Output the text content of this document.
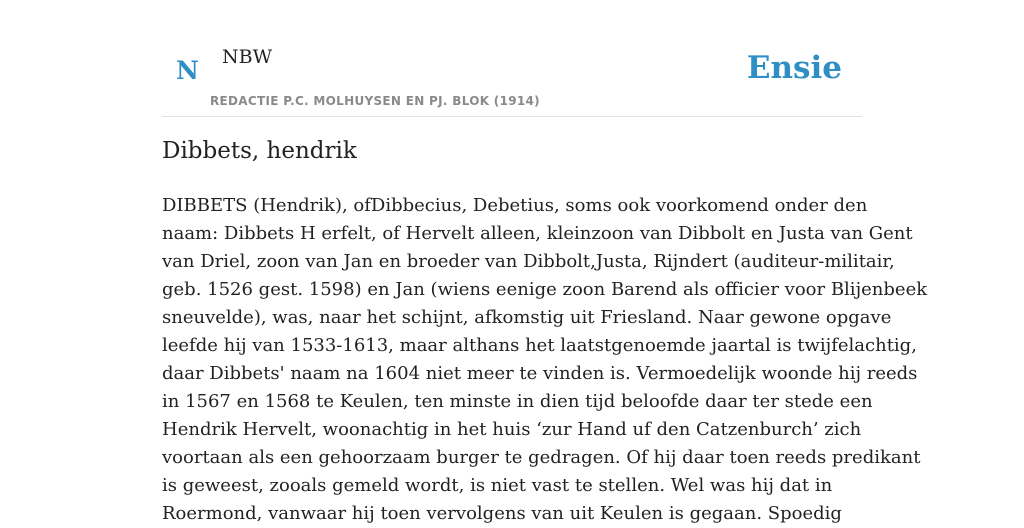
N NBW
REDACTIE P.C. MOLHUYSEN EN PJ. BLOK (1914)
Ensie
Dibbets, hendrik
DIBBETS (Hendrik), ofDibbecius, Debetius, soms ook voorkomend onder den
naam: Dibbets H erfelt, of Hervelt alleen, kleinzoon van Dibbolt en Justa van Gent
van Driel, zoon van Jan en broeder van Dibbolt,Justa, Rijndert (auditeur-militair,
geb. 1526 gest. 1598) en Jan (wiens eenige zoon Barend als officier voor Blijenbeek
sneuvelde), was, naar het schijnt, afkomstig uit Friesland. Naar gewone opgave
leefde hij van 1533-1613, maar althans het laatstgenoemde jaartal is twijfelachtig,
daar Dibbets' naam na 1604 niet meer te vinden is. Vermoedelijk woonde hij reeds
in 1567 en 1568 te Keulen, ten minste in dien tijd beloofde daar ter stede een
Hendrik Hervelt, woonachtig in het huis ‘zur Hand uf den Catzenburch’ zich
voortaan als een gehoorzaam burger te gedragen. Of hij daar toen reeds predikant
is geweest, zooals gemeld wordt, is niet vast te stellen. Wel was hij dat in
Roermond, vanwaar hij toen vervolgens van uit Keulen is gegaan. Spoedig
